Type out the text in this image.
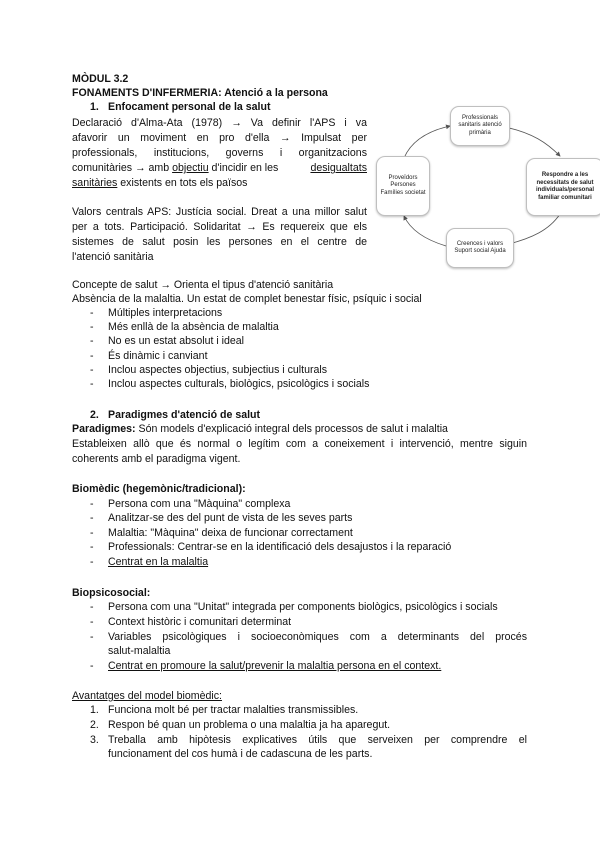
MÒDUL 3.2
FONAMENTS D'INFERMERIA: Atenció a la persona
1. Enfocament personal de la salut
Declaració d'Alma-Ata (1978) → Va definir l'APS i va
afavorir un moviment en pro d'ella → Impulsat per
professionals, institucions, governs i organitzacions
comunitàries → amb objectiu d'incidir en les	desigualtats
sanitàries existents en tots els països
Valors centrals APS: Justícia social. Dreat a una millor salut
per a tots. Participació. Solidaritat → Es requereix que els
sistemes de salut posin les persones en el centre de
l'atenció sanitària
Professionals sanitaris atenció primària
Respondre a les necessitats de salut individuals/personal familiar comunitari
Creences i valors Suport social Ajuda
Proveïdors Persones Famílies societat
Concepte de salut → Orienta el tipus d'atenció sanitària
Absència de la malaltia. Un estat de complet benestar físic, psíquic i social
- Múltiples interpretacions
- Més enllà de la absència de malaltia
- No es un estat absolut i ideal
- És dinàmic i canviant
- Inclou aspectes objectius, subjectius i culturals
- Inclou aspectes culturals, biològics, psicològics i socials
2. Paradigmes d'atenció de salut
Paradigmes: Són models d'explicació integral dels processos de salut i malaltia
Estableixen allò que és normal o legítim com a coneixement i intervenció, mentre siguin
coherents amb el paradigma vigent.
Biomèdic (hegemònic/tradicional):
- Persona com una "Màquina" complexa
- Analitzar-se des del punt de vista de les seves parts
- Malaltia: "Màquina" deixa de funcionar correctament
- Professionals: Centrar-se en la identificació dels desajustos i la reparació
- Centrat en la malaltia
Biopsicosocial:
- Persona com una "Unitat" integrada per components biològics, psicològics i socials
- Context històric i comunitari determinat
- Variables psicològiques i socioeconòmiques com a determinants del procés
salut-malaltia
- Centrat en promoure la salut/prevenir la malaltia persona en el context.
Avantatges del model biomèdic:
1. Funciona molt bé per tractar malalties transmissibles.
2. Respon bé quan un problema o una malaltia ja ha aparegut.
3. Treballa amb hipòtesis explicatives útils que serveixen per comprendre el
funcionament del cos humà i de cadascuna de les parts.
